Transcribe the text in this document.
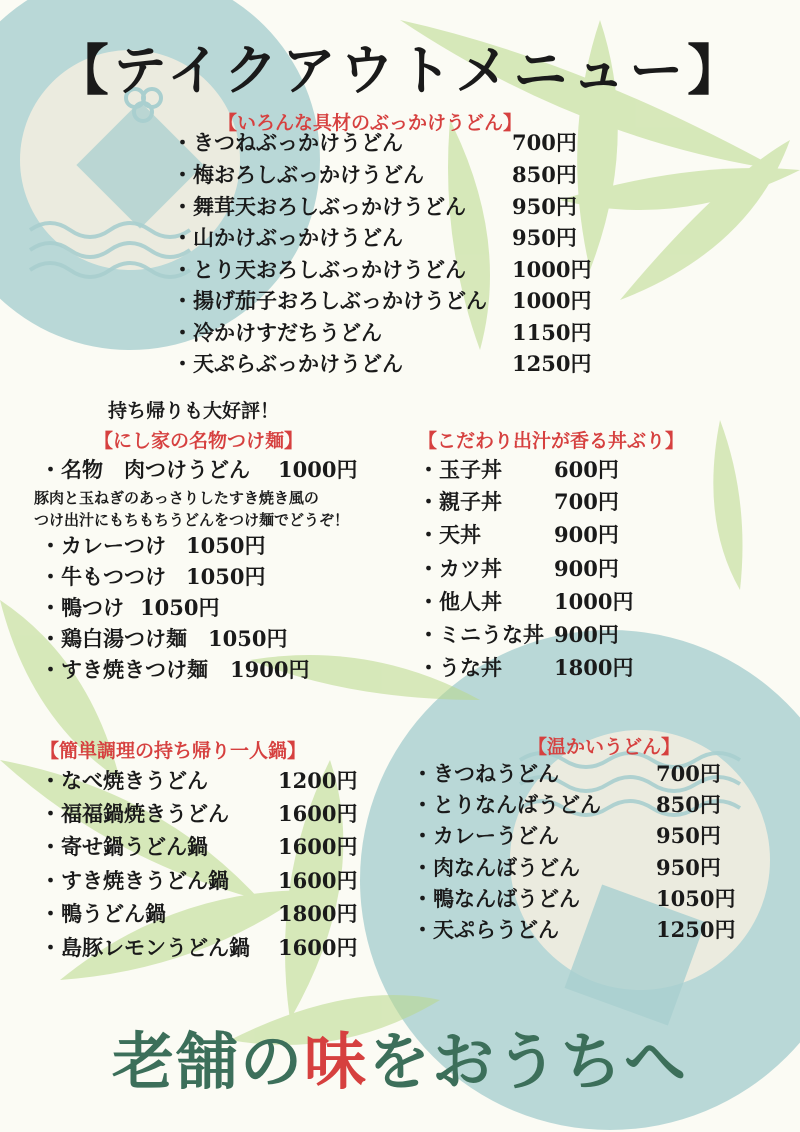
【テイクアウトメニュー】
【いろんな具材のぶっかけうどん】
・きつねぶっかけうどん	700円
・梅おろしぶっかけうどん	850円
・舞茸天おろしぶっかけうどん 950円
・山かけぶっかけうどん	950円
・とり天おろしぶっかけうどん 1000円
・揚げ茄子おろしぶっかけうどん 1000円
・冷かけすだちうどん	1150円
・天ぷらぶっかけうどん	1250円
持ち帰りも大好評！
【にし家の名物つけ麺】
・名物　肉つけうどん 1000円
豚肉と玉ねぎのあっさりしたすき焼き風の
つけ出汁にもちもちうどんをつけ麺でどうぞ！
・カレーつけ 1050円
・牛もつつけ 1050円
・鴨つけ 1050円
・鶏白湯つけ麺 1050円
・すき焼きつけ麺 1900円
【こだわり出汁が香る丼ぶり】
・玉子丼 600円
・親子丼 700円
・天丼	900円
・カツ丼 900円
・他人丼 1000円
・ミニうな丼 900円
・うな丼 1800円
【簡単調理の持ち帰り一人鍋】
・なべ焼きうどん	1200円
・福福鍋焼きうどん 1600円
・寄せ鍋うどん鍋	1600円
・すき焼きうどん鍋 1600円
・鴨うどん鍋	1800円
・島豚レモンうどん鍋 1600円
【温かいうどん】
・きつねうどん	700円
・とりなんばうどん	850円
・カレーうどん	950円
・肉なんばうどん	950円
・鴨なんばうどん	1050円
・天ぷらうどん	1250円
老舗の味をおうちへ
